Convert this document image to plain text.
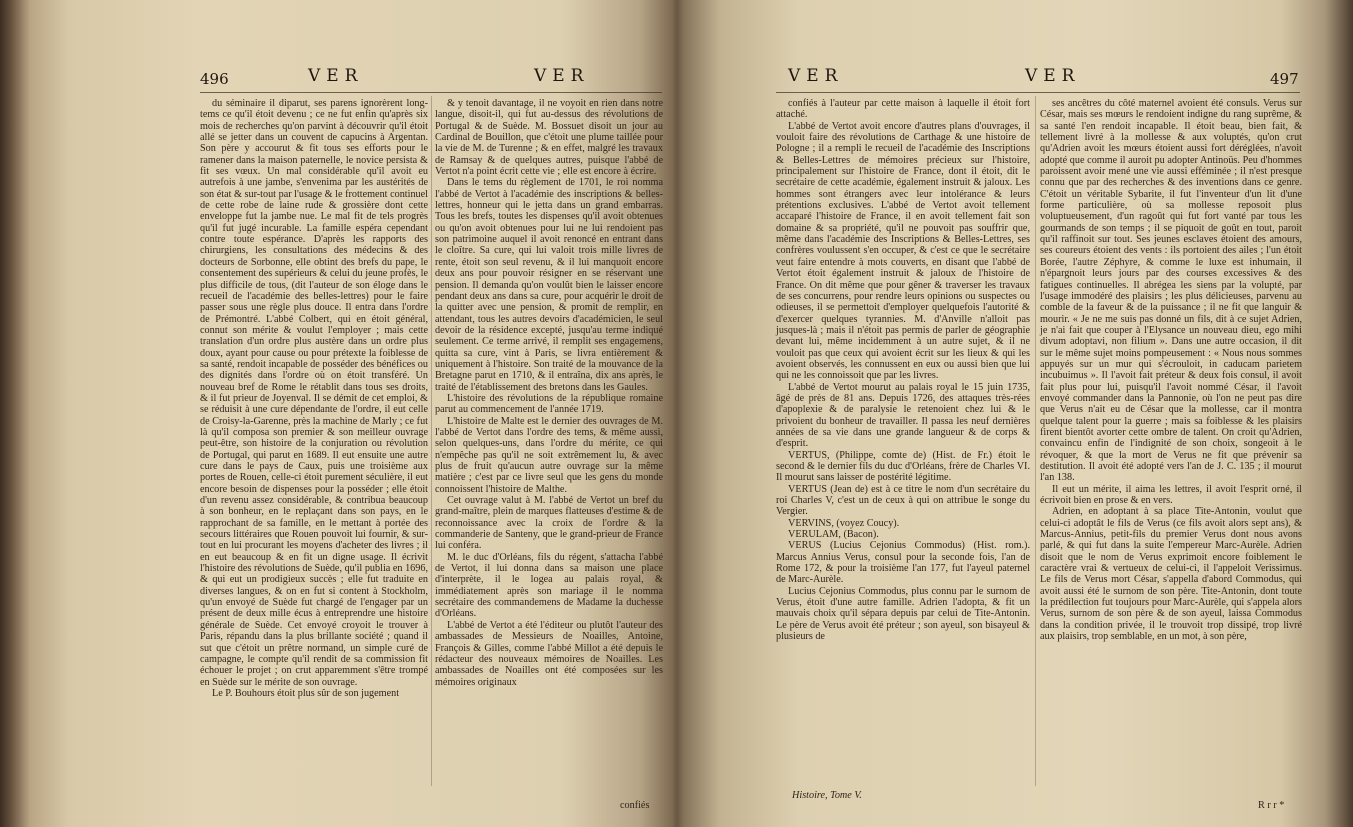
496	VER	VER

du séminaire il diparut, ses parens ignorèrent long-tems ce qu'il étoit devenu ; ce ne fut enfin qu'après six mois de recherches qu'on parvint à découvrir qu'il étoit allé se jetter dans un couvent de capucins à Argentan. Son père y accourut & fit tous ses efforts pour le ramener dans la maison paternelle, le novice persista & fit ses vœux. Un mal considérable qu'il avoit eu autrefois à une jambe, s'envenima par les austérités de son état & sur-tout par l'usage & le frottement continuel de cette robe de laine rude & grossière dont cette enveloppe fut la jambe nue. Le mal fit de tels progrès qu'il fut jugé incurable. La famille espéra cependant contre toute espérance. D'après les rapports des chirurgiens, les consultations des médecins & des docteurs de Sorbonne, elle obtint des brefs du pape, le consentement des supérieurs & celui du jeune profès, le plus difficile de tous, (dit l'auteur de son éloge dans le recueil de l'académie des belles-lettres) pour le faire passer sous une règle plus douce. Il entra dans l'ordre de Prémontré. L'abbé Colbert, qui en étoit général, connut son mérite & voulut l'employer ; mais cette translation d'un ordre plus austère dans un ordre plus doux, ayant pour cause ou pour prétexte la foiblesse de sa santé, rendoit incapable de posséder des bénéfices ou des dignités dans l'ordre où on étoit transféré. Un nouveau bref de Rome le rétablit dans tous ses droits, & il fut prieur de Joyenval. Il se démit de cet emploi, & se réduisit à une cure dépendante de l'ordre, il eut celle de Croisy-la-Garenne, près la machine de Marly ; ce fut là qu'il composa son premier & son meilleur ouvrage peut-être, son histoire de la conjuration ou révolution de Portugal, qui parut en 1689. Il eut ensuite une autre cure dans le pays de Caux, puis une troisième aux portes de Rouen, celle-ci étoit purement séculière, il eut encore besoin de dispenses pour la posséder ; elle étoit d'un revenu assez considérable, & contribua beaucoup à son bonheur, en le replaçant dans son pays, en le rapprochant de sa famille, en le mettant à portée des secours littéraires que Rouen pouvoit lui fournir, & sur-tout en lui procurant les moyens d'acheter des livres ; il en eut beaucoup & en fit un digne usage. Il écrivit l'histoire des révolutions de Suède, qu'il publia en 1696, & qui eut un prodigieux succès ; elle fut traduite en diverses langues, & on en fut si content à Stockholm, qu'un envoyé de Suède fut chargé de l'engager par un présent de deux mille écus à entreprendre une histoire générale de Suède. Cet envoyé croyoit le trouver à Paris, répandu dans la plus brillante société ; quand il sut que c'étoit un prêtre normand, un simple curé de campagne, le compte qu'il rendit de sa commission fit échouer le projet ; on crut apparemment s'être trompé en Suède sur le mérite de son ouvrage.

Le P. Bouhours étoit plus sûr de son jugement

& y tenoit davantage, il ne voyoit en rien dans notre langue, disoit-il, qui fut au-dessus des révolutions de Portugal & de Suède. M. Bossuet disoit un jour au Cardinal de Bouillon, que c'étoit une plume taillée pour la vie de M. de Turenne ; & en effet, malgré les travaux de Ramsay & de quelques autres, puisque l'abbé de Vertot n'a point écrit cette vie ; elle est encore à écrire.

Dans le tems du règlement de 1701, le roi nomma l'abbé de Vertot à l'académie des inscriptions & belles-lettres, honneur qui le jetta dans un grand embarras. Tous les brefs, toutes les dispenses qu'il avoit obtenues ou qu'on avoit obtenues pour lui ne lui rendoient pas son patrimoine auquel il avoit renoncé en entrant dans le cloître. Sa cure, qui lui valoit trois mille livres de rente, étoit son seul revenu, & il lui manquoit encore deux ans pour pouvoir résigner en se réservant une pension. Il demanda qu'on voulût bien le laisser encore pendant deux ans dans sa cure, pour acquérir le droit de la quitter avec une pension, & promit de remplir, en attendant, tous les autres devoirs d'académicien, le seul devoir de la résidence excepté, jusqu'au terme indiqué seulement. Ce terme arrivé, il remplit ses engagemens, quitta sa cure, vint à Paris, se livra entièrement & uniquement à l'histoire. Son traité de la mouvance de la Bretagne parut en 1710, & il entraîna, dix ans après, le traité de l'établissement des bretons dans les Gaules.

L'histoire des révolutions de la république romaine parut au commencement de l'année 1719.

L'histoire de Malte est le dernier des ouvrages de M. l'abbé de Vertot dans l'ordre des tems, & même aussi, selon quelques-uns, dans l'ordre du mérite, ce qui n'empêche pas qu'il ne soit extrêmement lu, & avec plus de fruit qu'aucun autre ouvrage sur la même matière ; c'est par ce livre seul que les gens du monde connoissent l'histoire de Malthe.

Cet ouvrage valut à M. l'abbé de Vertot un bref du grand-maître, plein de marques flatteuses d'estime & de reconnoissance avec la croix de l'ordre & la commanderie de Santeny, que le grand-prieur de France lui conféra.

M. le duc d'Orléans, fils du régent, s'attacha l'abbé de Vertot, il lui donna dans sa maison une place d'interprète, il le logea au palais royal, & immédiatement après son mariage il le nomma secrétaire des commandemens de Madame la duchesse d'Orléans.

L'abbé de Vertot a été l'éditeur ou plutôt l'auteur des ambassades de Messieurs de Noailles, Antoine, François & Gilles, comme l'abbé Millot a été depuis le rédacteur des nouveaux mémoires de Noailles. Les ambassades de Noailles ont été composées sur les mémoires originaux

confiés
VER	VER	497

confiés à l'auteur par cette maison à laquelle il étoit fort attaché.

L'abbé de Vertot avoit encore d'autres plans d'ouvrages, il vouloit faire des révolutions de Carthage & une histoire de Pologne ; il a rempli le recueil de l'académie des Inscriptions & Belles-Lettres de mémoires précieux sur l'histoire, principalement sur l'histoire de France, dont il étoit, dit le secrétaire de cette académie, également instruit & jaloux. Les hommes sont étrangers avec leur intolérance & leurs prétentions exclusives. L'abbé de Vertot avoit tellement accaparé l'histoire de France, il en avoit tellement fait son domaine & sa propriété, qu'il ne pouvoit pas souffrir que, même dans l'académie des Inscriptions & Belles-Lettres, ses confrères voulussent s'en occuper, & c'est ce que le secrétaire veut faire entendre à mots couverts, en disant que l'abbé de Vertot étoit également instruit & jaloux de l'histoire de France. On dit même que pour gêner & traverser les travaux de ses concurrens, pour rendre leurs opinions ou suspectes ou odieuses, il se permettoit d'employer quelquefois l'autorité & d'exercer quelques tyrannies. M. d'Anville n'alloit pas jusques-là ; mais il n'étoit pas permis de parler de géographie devant lui, même incidemment à un autre sujet, & il ne vouloit pas que ceux qui avoient écrit sur les lieux & qui les avoient observés, les connussent en eux ou aussi bien que lui qui ne les connoissoit que par les livres.

L'abbé de Vertot mourut au palais royal le 15 juin 1735, âgé de près de 81 ans. Depuis 1726, des attaques très-rées d'apoplexie & de paralysie le retenoient chez lui & le privoient du bonheur de travailler. Il passa les neuf dernières années de sa vie dans une grande langueur & de corps & d'esprit.

VERTUS, (Philippe, comte de) (Hist. de Fr.) étoit le second & le dernier fils du duc d'Orléans, frère de Charles VI. Il mourut sans laisser de postérité légitime.

VERTUS (Jean de) est à ce titre le nom d'un secrétaire du roi Charles V, c'est un de ceux à qui on attribue le songe du Vergier.

VERVINS, (voyez Coucy).

VERULAM, (Bacon).

VERUS (Lucius Cejonius Commodus) (Hist. rom.). Marcus Annius Verus, consul pour la seconde fois, l'an de Rome 172, & pour la troisième l'an 177, fut l'ayeul paternel de Marc-Aurèle.

Lucius Cejonius Commodus, plus connu par le surnom de Verus, étoit d'une autre famille. Adrien l'adopta, & fit un mauvais choix qu'il sépara depuis par celui de Tite-Antonin. Le père de Verus avoit été préteur ; son ayeul, son bisayeul & plusieurs de

ses ancêtres du côté maternel avoient été consuls. Verus sur César, mais ses mœurs le rendoient indigne du rang suprême, & sa santé l'en rendoit incapable. Il étoit beau, bien fait, & tellement livré à la mollesse & aux voluptés, qu'on crut qu'Adrien avoit les mœurs étoient aussi fort déréglées, n'avoit adopté que comme il auroit pu adopter Antinoüs. Peu d'hommes paroissent avoir mené une vie aussi efféminée ; il n'est presque connu que par des recherches & des inventions dans ce genre. C'étoit un véritable Sybarite, il fut l'inventeur d'un lit d'une forme particulière, où sa mollesse reposoit plus voluptueusement, d'un ragoût qui fut fort vanté par tous les gourmands de son temps ; il se piquoit de goût en tout, paroit qu'il raffinoit sur tout. Ses jeunes esclaves étoient des amours, ses coureurs étoient des vents : ils portoient des ailes ; l'un étoit Borée, l'autre Zéphyre, & comme le luxe est inhumain, il n'épargnoit leurs jours par des courses excessives & des fatigues continuelles. Il abrégea les siens par la volupté, par l'usage immodéré des plaisirs ; les plus délicieuses, parvenu au comble de la faveur & de la puissance ; il ne fit que languir & mourir. « Je ne me suis pas donné un fils, dit à ce sujet Adrien, je n'ai fait que couper à l'Elysance un nouveau dieu, ego mihi divum adoptavi, non filium ». Dans une autre occasion, il dit sur le même sujet moins pompeusement : « Nous nous sommes appuyés sur un mur qui s'écrouloit, in caducam parietem incubuimus ». Il l'avoit fait préteur & deux fois consul, il avoit fait plus pour lui, puisqu'il l'avoit nommé César, il l'avoit envoyé commander dans la Pannonie, où l'on ne peut pas dire que Verus n'ait eu de César que la mollesse, car il montra quelque talent pour la guerre ; mais sa foiblesse & les plaisirs firent bientôt avorter cette ombre de talent. On croit qu'Adrien, convaincu enfin de l'indignité de son choix, songeoit à le révoquer, & que la mort de Verus ne fit que prévenir sa destitution. Il avoit été adopté vers l'an de J. C. 135 ; il mourut l'an 138.

Il eut un mérite, il aima les lettres, il avoit l'esprit orné, il écrivoit bien en prose & en vers.

Adrien, en adoptant à sa place Tite-Antonin, voulut que celui-ci adoptât le fils de Verus (ce fils avoit alors sept ans), & Marcus-Annius, petit-fils du premier Verus dont nous avons parlé, & qui fut dans la suite l'empereur Marc-Aurèle. Adrien disoit que le nom de Verus exprimoit encore foiblement le caractère vrai & vertueux de celui-ci, il l'appeloit Verissimus. Le fils de Verus mort César, s'appella d'abord Commodus, qui avoit aussi été le surnom de son père. Tite-Antonin, dont toute la prédilection fut toujours pour Marc-Aurèle, qui s'appela alors Verus, surnom de son père & de son ayeul, laissa Commodus dans la condition privée, il le trouvoit trop dissipé, trop livré aux plaisirs, trop semblable, en un mot, à son père,

Histoire, Tome V.
R r r *
